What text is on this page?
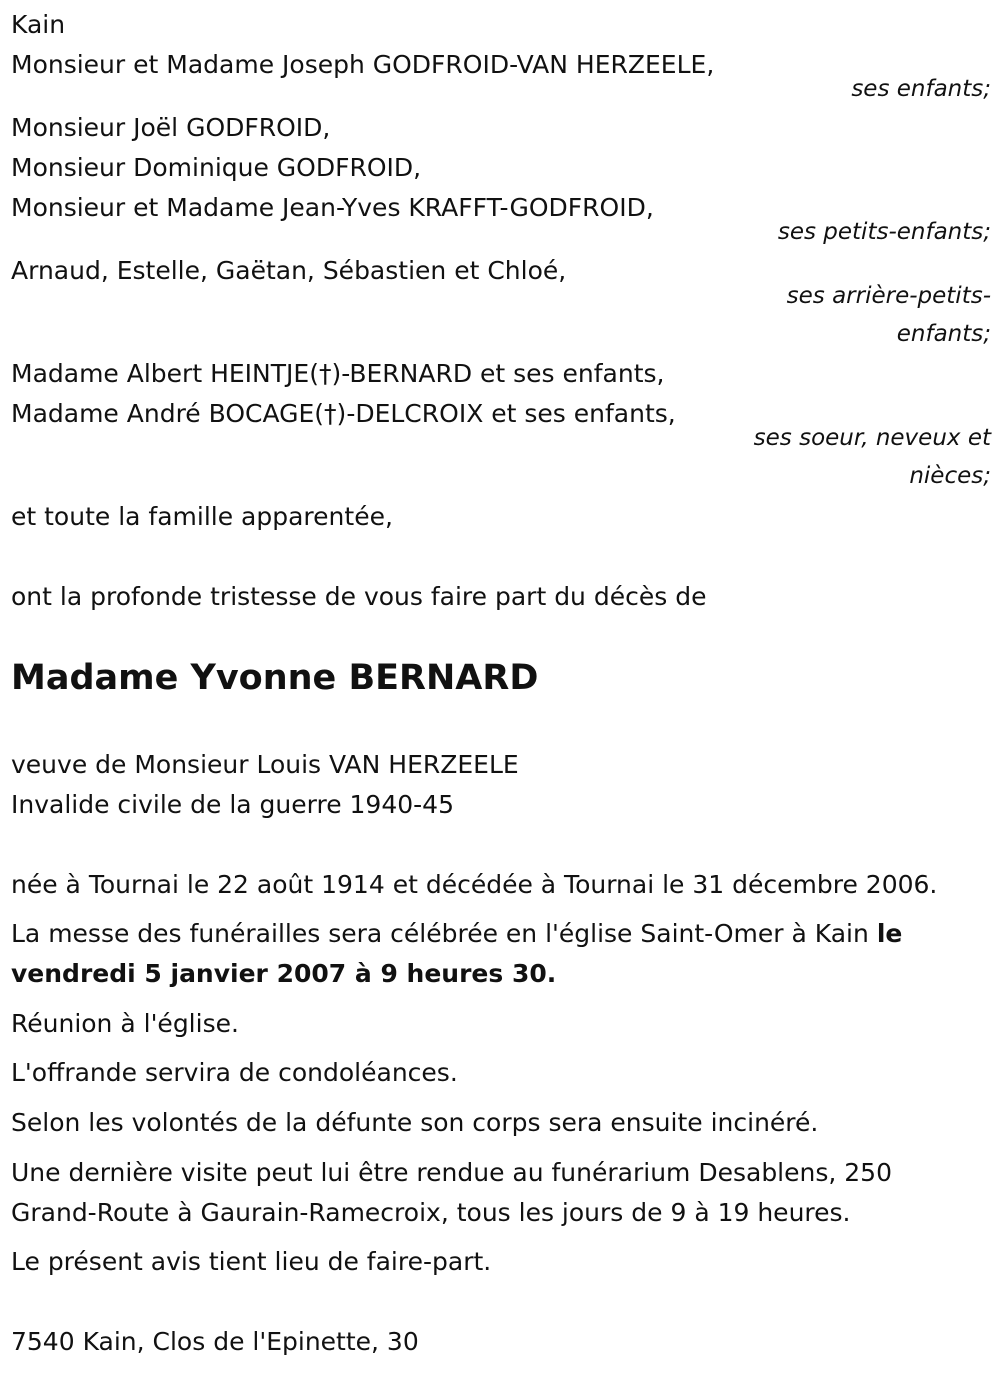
Kain
Monsieur et Madame Joseph GODFROID-VAN HERZEELE,
ses enfants;
Monsieur Joël GODFROID,
Monsieur Dominique GODFROID,
Monsieur et Madame Jean-Yves KRAFFT-GODFROID,
ses petits-enfants;
Arnaud, Estelle, Gaëtan, Sébastien et Chloé,
ses arrière-petits-enfants;
Madame Albert HEINTJE(†)-BERNARD et ses enfants,
Madame André BOCAGE(†)-DELCROIX et ses enfants,
ses soeur, neveux et nièces;
et toute la famille apparentée,
ont la profonde tristesse de vous faire part du décès de
Madame Yvonne BERNARD
veuve de Monsieur Louis VAN HERZEELE
Invalide civile de la guerre 1940-45
née à Tournai le 22 août 1914 et décédée à Tournai le 31 décembre 2006.
La messe des funérailles sera célébrée en l'église Saint-Omer à Kain le vendredi 5 janvier 2007 à 9 heures 30.
Réunion à l'église.
L'offrande servira de condoléances.
Selon les volontés de la défunte son corps sera ensuite incinéré.
Une dernière visite peut lui être rendue au funérarium Desablens, 250 Grand-Route à Gaurain-Ramecroix, tous les jours de 9 à 19 heures.
Le présent avis tient lieu de faire-part.
7540 Kain, Clos de l'Epinette, 30
